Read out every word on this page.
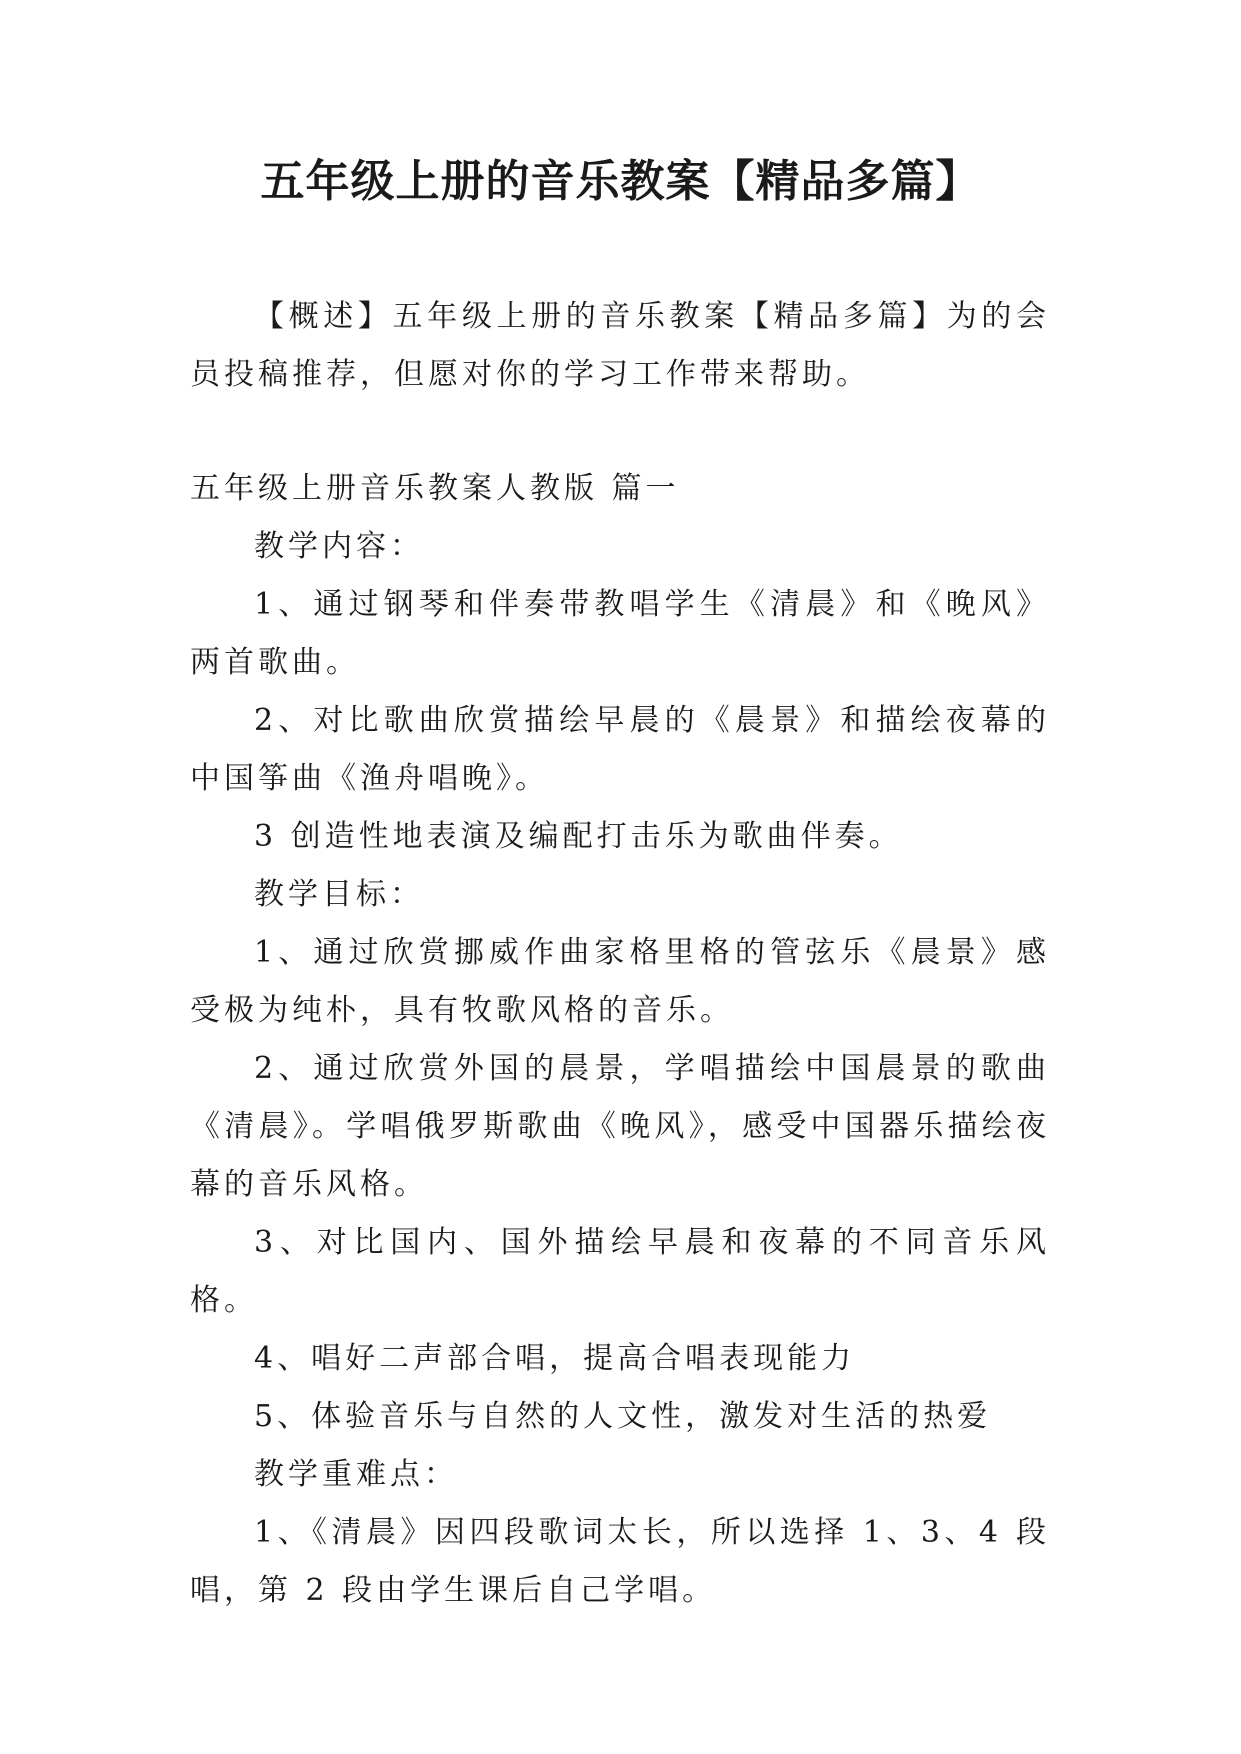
五年级上册的音乐教案【精品多篇】

【概述】五年级上册的音乐教案【精品多篇】为的会员投稿推荐，但愿对你的学习工作带来帮助。

五年级上册音乐教案人教版 篇一

教学内容：

1、通过钢琴和伴奏带教唱学生《清晨》和《晚风》两首歌曲。

2、对比歌曲欣赏描绘早晨的《晨景》和描绘夜幕的中国筝曲《渔舟唱晚》。

3 创造性地表演及编配打击乐为歌曲伴奏。

教学目标：

1、通过欣赏挪威作曲家格里格的管弦乐《晨景》感受极为纯朴，具有牧歌风格的音乐。

2、通过欣赏外国的晨景，学唱描绘中国晨景的歌曲《清晨》。学唱俄罗斯歌曲《晚风》，感受中国器乐描绘夜幕的音乐风格。

3、对比国内、国外描绘早晨和夜幕的不同音乐风格。

4、唱好二声部合唱，提高合唱表现能力

5、体验音乐与自然的人文性，激发对生活的热爱

教学重难点：

1、《清晨》因四段歌词太长，所以选择 1、3、4 段唱，第 2 段由学生课后自己学唱。
